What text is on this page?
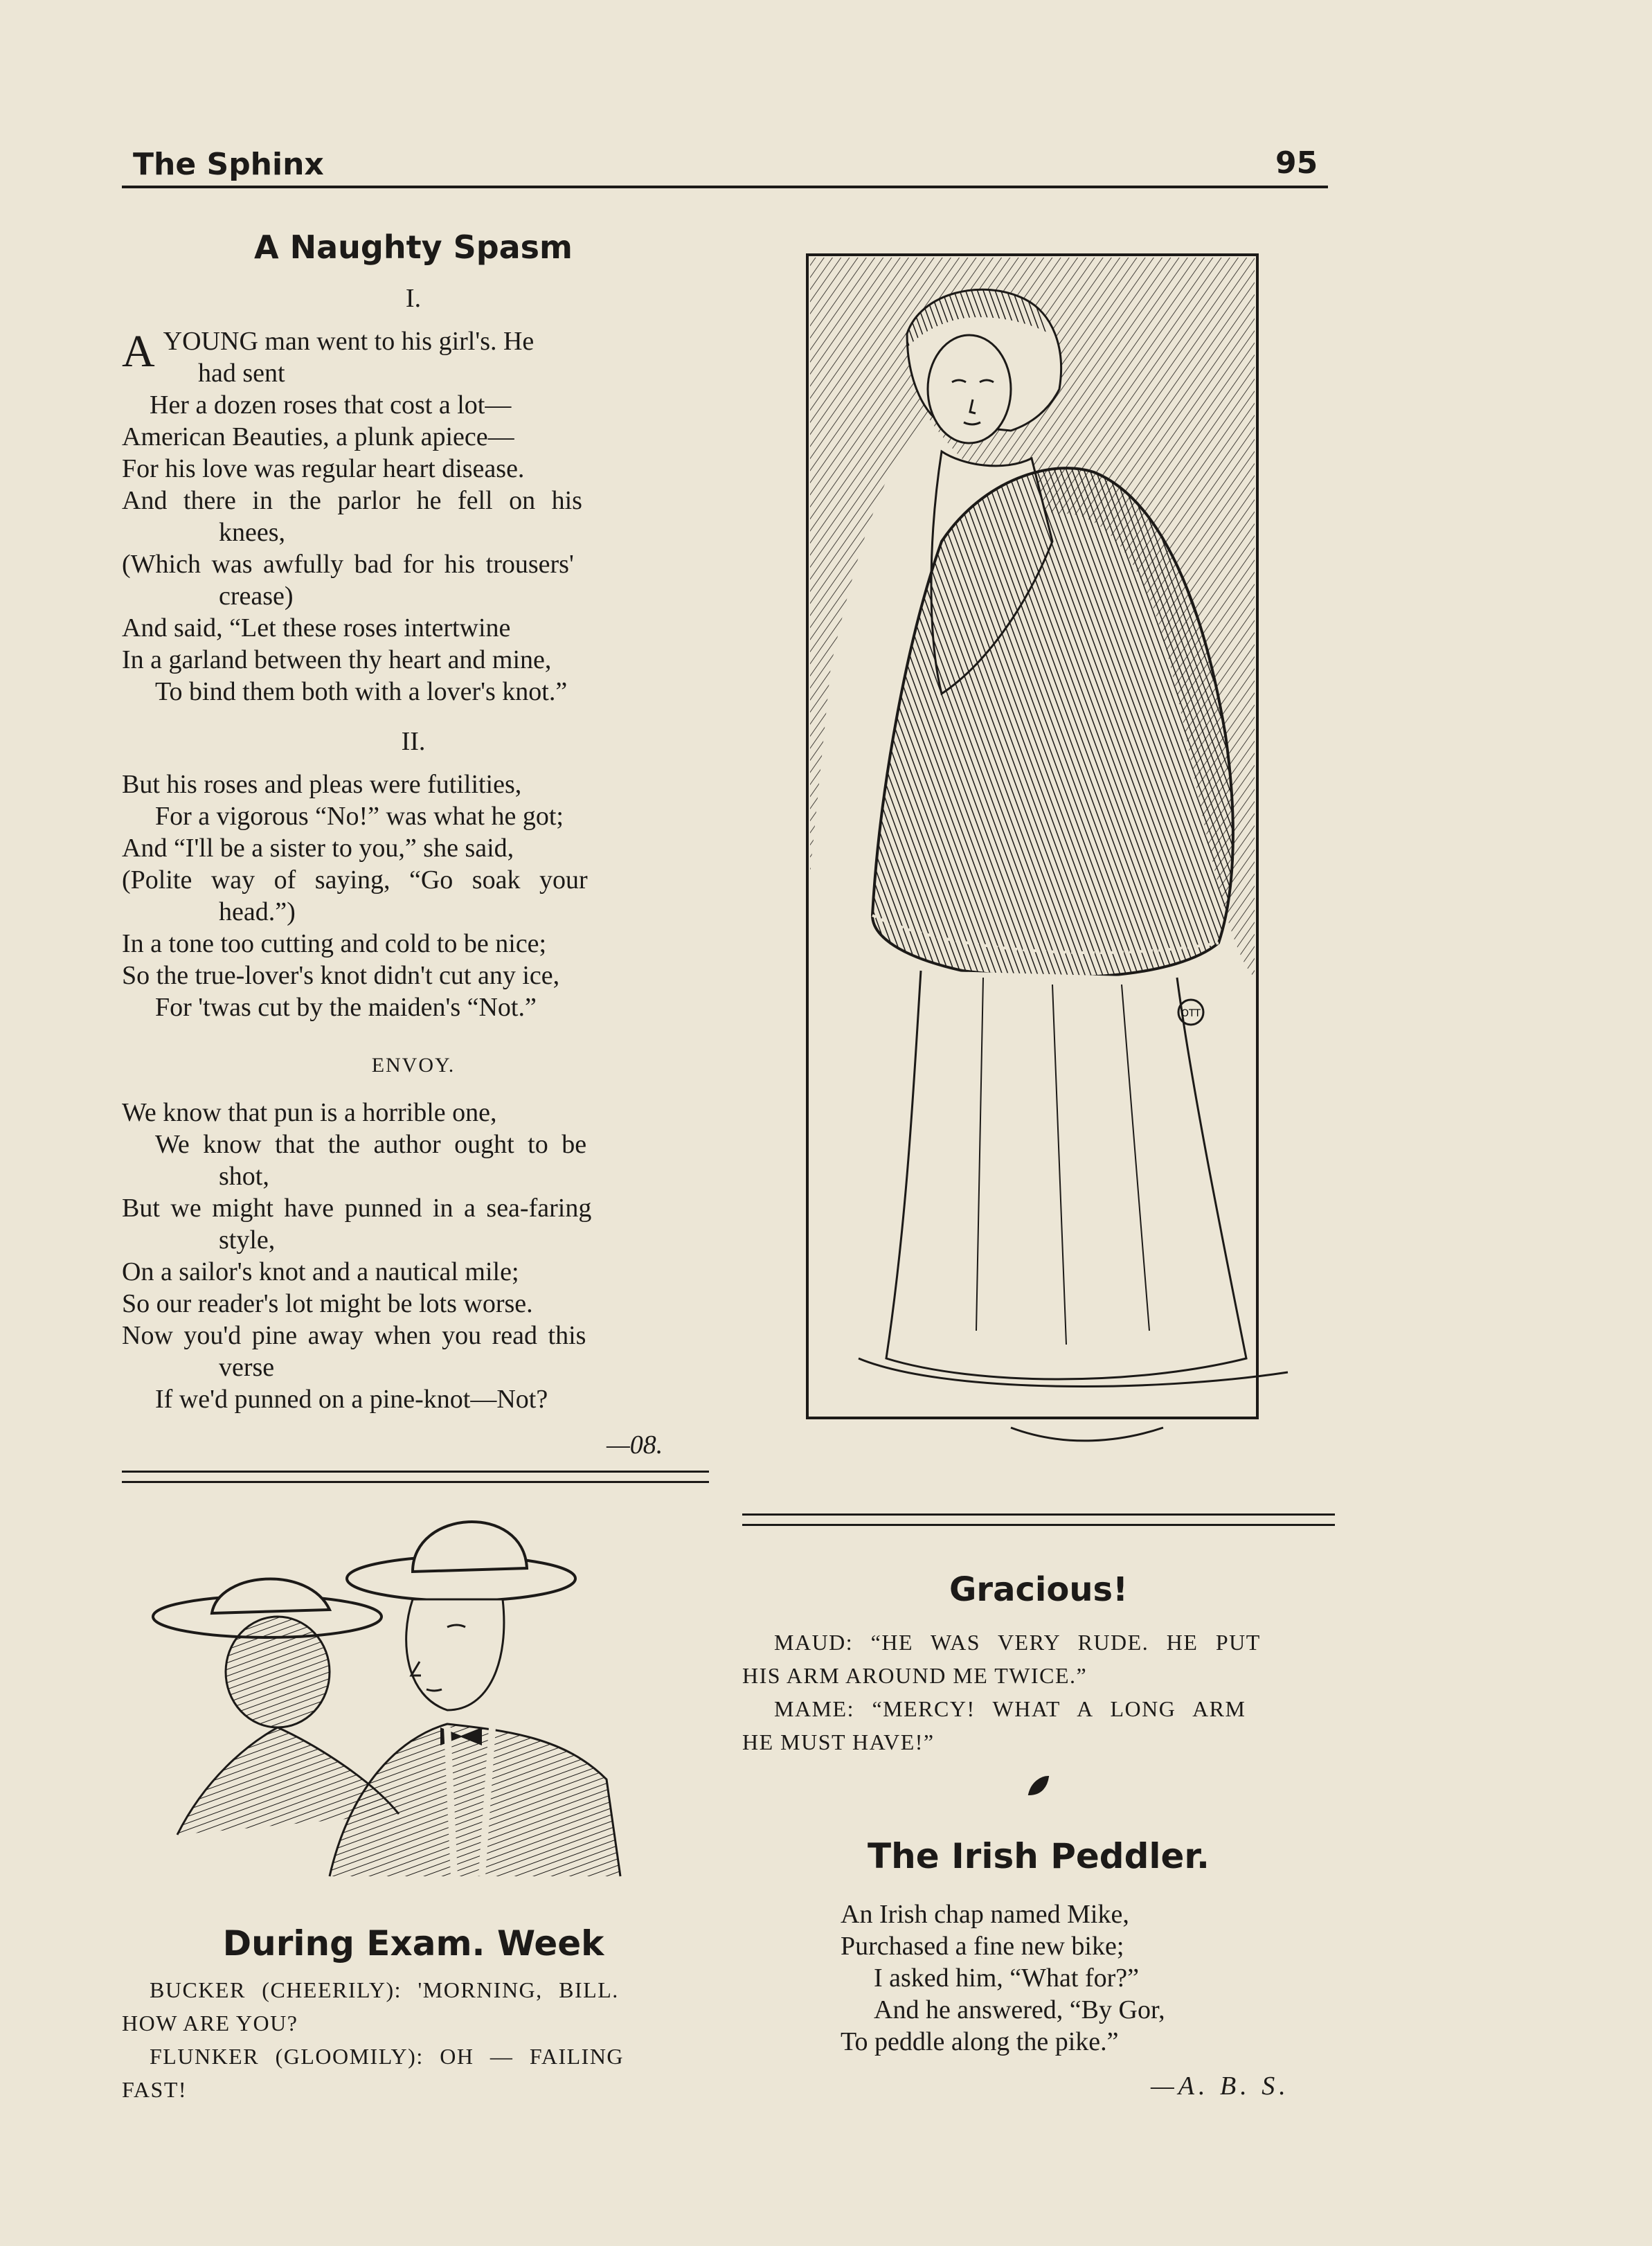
The Sphinx	95
A Naughty Spasm
I.
A YOUNG man went to his girl's. He
had sent
Her a dozen roses that cost a lot—
American Beauties, a plunk apiece—
For his love was regular heart disease.
And there in the parlor he fell on his
knees,
(Which was awfully bad for his trousers'
crease)
And said, “Let these roses intertwine
In a garland between thy heart and mine,
To bind them both with a lover's knot.”
II.
But his roses and pleas were futilities,
For a vigorous “No!” was what he got;
And “I'll be a sister to you,” she said,
(Polite way of saying, “Go soak your
head.”)
In a tone too cutting and cold to be nice;
So the true-lover's knot didn't cut any ice,
For 'twas cut by the maiden's “Not.”
ENVOY.
We know that pun is a horrible one,
We know that the author ought to be
shot,
But we might have punned in a sea-faring
style,
On a sailor's knot and a nautical mile;
So our reader's lot might be lots worse.
Now you'd pine away when you read this
verse
If we'd punned on a pine-knot—Not?
—08.
OTT
During Exam. Week
BUCKER (CHEERILY): 'MORNING, BILL.
HOW ARE YOU?
FLUNKER (GLOOMILY): OH — FAILING
FAST!
Gracious!
MAUD: “HE WAS VERY RUDE. HE PUT
HIS ARM AROUND ME TWICE.”
MAME: “MERCY! WHAT A LONG ARM
HE MUST HAVE!”
The Irish Peddler.
An Irish chap named Mike,
Purchased a fine new bike;
I asked him, “What for?”
And he answered, “By Gor,
To peddle along the pike.”
—A. B. S.
